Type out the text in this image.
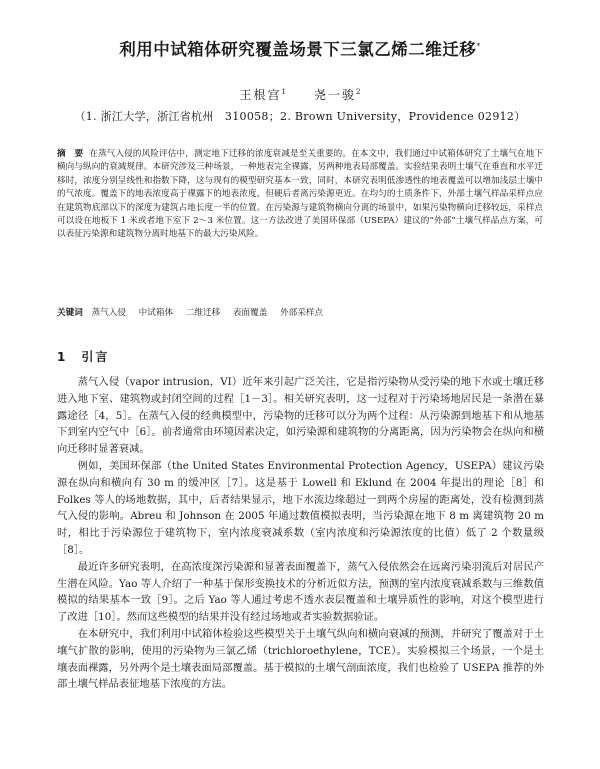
利用中试箱体研究覆盖场景下三氯乙烯二维迁移*
王根宫$^1$　　 尧一骏$^2$
（1. 浙江大学，浙江省杭州　310058；2. Brown University，Providence 02912）
摘　要 在蒸气入侵的风险评估中，测定地下迁移的浓度衰减是至关重要的。在本文中，我们通过中试箱体研究了土壤气在地下横向与纵向的衰减规律。本研究涉及三种场景，一种地表完全裸露，另两种地表局部覆盖。实验结果表明土壤气在垂直和水平迁移时，浓度分别呈线性和指数下降，这与现有的模型研究基本一致，同时，本研究表明低渗透性的地表覆盖可以增加浅层土壤中的气浓度。覆盖下的地表浓度高于裸露下的地表浓度，但硬后者离污染源更近。在均匀的土质条件下，外部土壤气样品采样点应在建筑物底部以下的深度为建筑占地长度一半的位置。在污染源与建筑物横向分离的场景中，如果污染物横向迁移较远，采样点可以设在地板下 1 米或者地下室下 2～3 米位置。这一方法改进了美国环保部（USEPA）建议的“外部”土壤气样品点方案，可以表征污染源和建筑物分离时地基下的最大污染风险。
关键词 蒸气入侵 中试箱体 二维迁移 表面覆盖 外部采样点
1　 引言

蒸气入侵（vapor intrusion，VI）近年来引起广泛关注，它是指污染物从受污染的地下水或土壤迁移进入地下室、建筑物或封闭空间的过程［1－3］。相关研究表明，这一过程对于污染场地居民是一条潜在暴露途径［4，5］。在蒸气入侵的经典模型中，污染物的迁移可以分为两个过程：从污染源到地基下和从地基下到室内空气中［6］。前者通常由环境因素决定，如污染源和建筑物的分离距离，因为污染物会在纵向和横向迁移时显著衰减。

例如，美国环保部（the United States Environmental Protection Agency，USEPA）建议污染源在纵向和横向有 30 m 的缓冲区［7］。这是基于 Lowell 和 Eklund 在 2004 年提出的理论［8］和 Folkes 等人的场地数据，其中，后者结果显示，地下水流边缘超过一到两个房屋的距离处，没有检测到蒸气入侵的影响。Abreu 和 Johnson 在 2005 年通过数值模拟表明，当污染源在地下 8 m 离建筑物 20 m 时，相比于污染源位于建筑物下，室内浓度衰减系数（室内浓度和污染源浓度的比值）低了 2 个数量级［8］。

最近许多研究表明，在高浓度深污染源和显著表面覆盖下，蒸气入侵依然会在远离污染羽流后对居民产生潜在风险。Yao 等人介绍了一种基于保形变换技术的分析近似方法，预测的室内浓度衰减系数与三维数值模拟的结果基本一致［9］。之后 Yao 等人通过考虑不透水表层覆盖和土壤异质性的影响，对这个模型进行了改进［10］。然而这些模型的结果并没有经过场地或者实验数据验证。

在本研究中，我们利用中试箱体检验这些模型关于土壤气纵向和横向衰减的预测，并研究了覆盖对于土壤气扩散的影响，使用的污染物为三氯乙烯（trichloroethylene，TCE）。实验模拟三个场景，一个是土壤表面裸露，另外两个是土壤表面局部覆盖。基于模拟的土壤气剖面浓度，我们也检验了 USEPA 推荐的外部土壤气样品表征地基下浓度的方法。
